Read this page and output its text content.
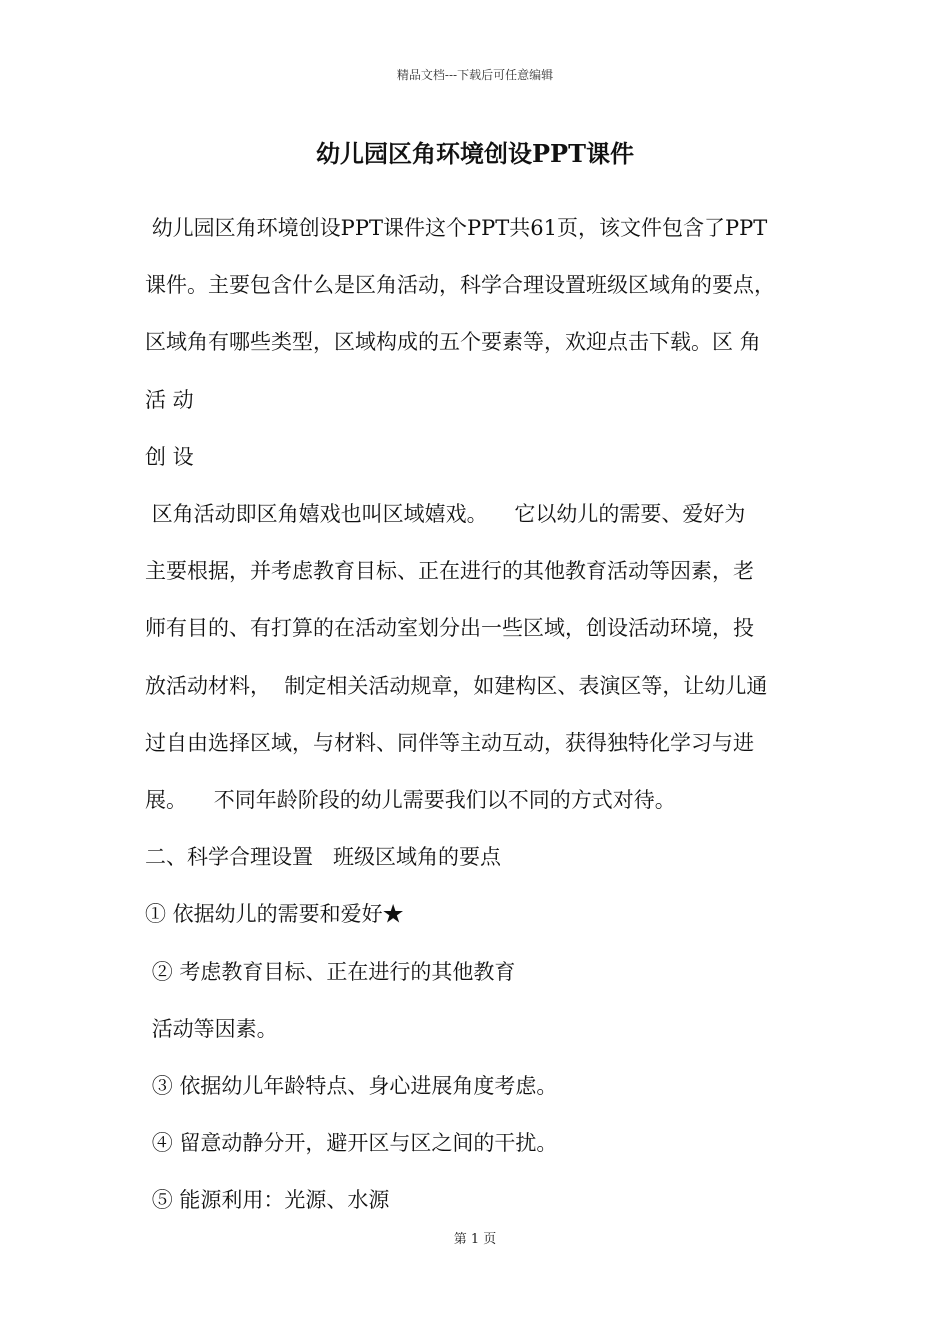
精品文档---下载后可任意编辑
幼儿园区角环境创设PPT课件

幼儿园区角环境创设PPT课件这个PPT共61页，该文件包含了PPT

课件。主要包含什么是区角活动，科学合理设置班级区域角的要点，

区域角有哪些类型，区域构成的五个要素等，欢迎点击下载。区 角

活 动

创 设

区角活动即区角嬉戏也叫区域嬉戏。    它以幼儿的需要、爱好为

主要根据，并考虑教育目标、正在进行的其他教育活动等因素，老

师有目的、有打算的在活动室划分出一些区域，创设活动环境，投

放活动材料，  制定相关活动规章，如建构区、表演区等，让幼儿通

过自由选择区域，与材料、同伴等主动互动，获得独特化学习与进

展。    不同年龄阶段的幼儿需要我们以不同的方式对待。

二、科学合理设置   班级区域角的要点

① 依据幼儿的需要和爱好★

② 考虑教育目标、正在进行的其他教育

活动等因素。

③ 依据幼儿年龄特点、身心进展角度考虑。

④ 留意动静分开，避开区与区之间的干扰。

⑤ 能源利用：光源、水源

第 1 页
